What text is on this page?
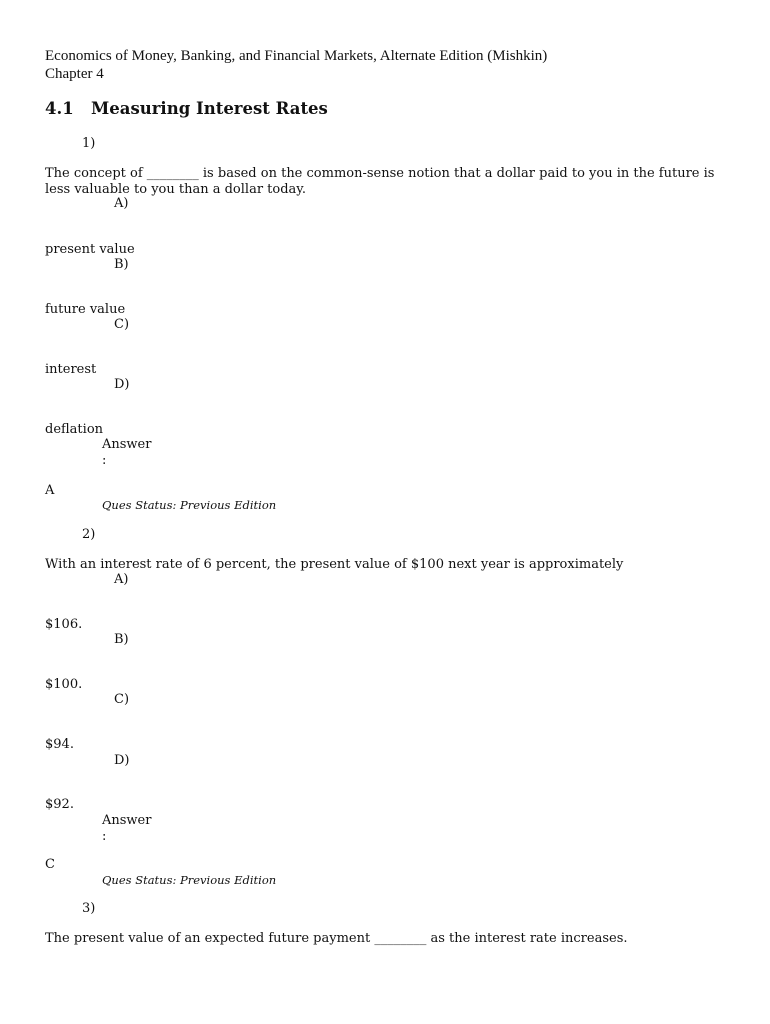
Economics of Money, Banking, and Financial Markets, Alternate Edition (Mishkin)
Chapter 4
4.1 Measuring Interest Rates
1)
The concept of ________ is based on the common-sense notion that a dollar paid to you in the future is less valuable to you than a dollar today.
A)
present value
B)
future value
C)
interest
D)
deflation
Answer
:
A
Ques Status: Previous Edition
2)
With an interest rate of 6 percent, the present value of $100 next year is approximately
A)
$106.
B)
$100.
C)
$94.
D)
$92.
Answer
:
C
Ques Status: Previous Edition
3)
The present value of an expected future payment ________ as the interest rate increases.
